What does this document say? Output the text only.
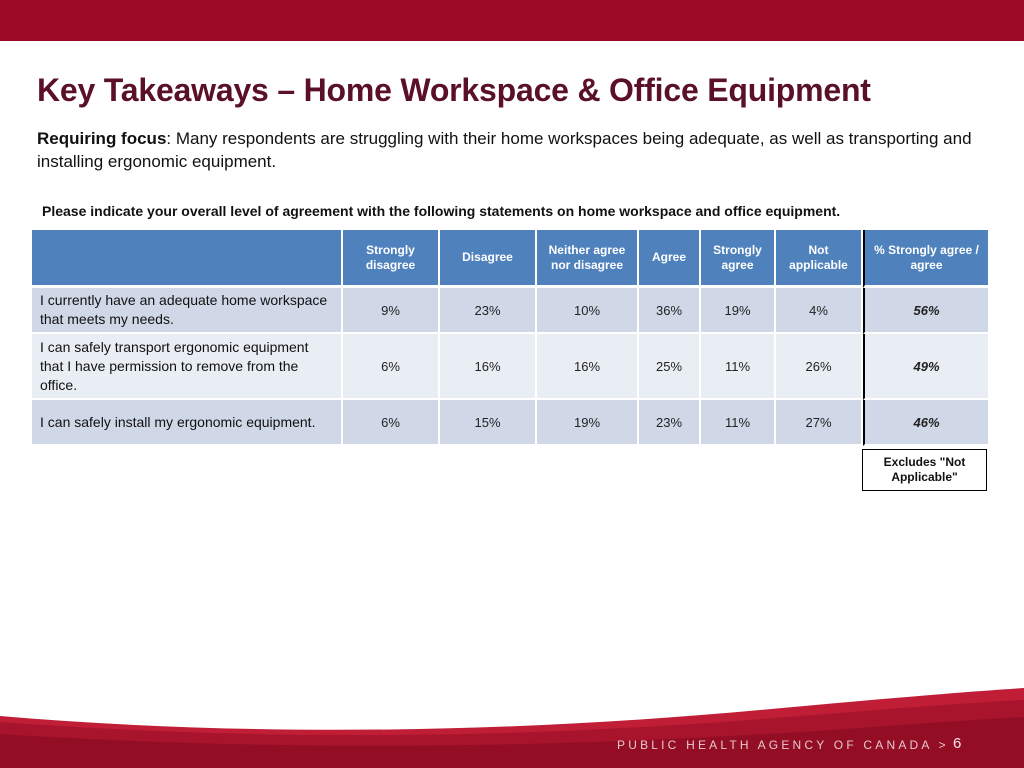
Key Takeaways – Home Workspace & Office Equipment

Requiring focus: Many respondents are struggling with their home workspaces being adequate, as well as transporting and installing ergonomic equipment.

Please indicate your overall level of agreement with the following statements on home workspace and office equipment.

	Strongly disagree	Disagree	Neither agree nor disagree	Agree	Strongly agree	Not applicable	% Strongly agree / agree
I currently have an adequate home workspace that meets my needs.	9%	23%	10%	36%	19%	4%	56%
I can safely transport ergonomic equipment that I have permission to remove from the office.	6%	16%	16%	25%	11%	26%	49%
I can safely install my ergonomic equipment.	6%	15%	19%	23%	11%	27%	46%
Excludes "Not Applicable"
PUBLIC HEALTH AGENCY OF CANADA > 6
